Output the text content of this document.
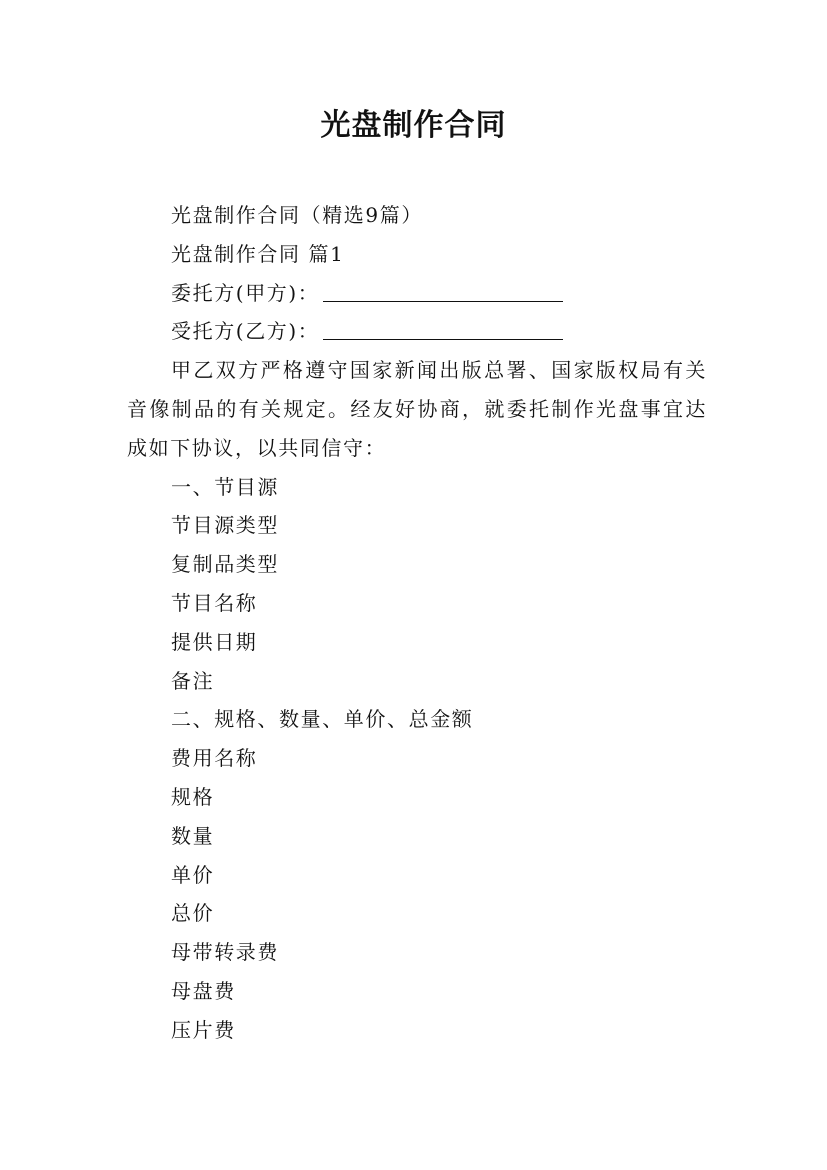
光盘制作合同
光盘制作合同（精选9篇）
光盘制作合同 篇1
委托方(甲方)：
受托方(乙方)：
甲乙双方严格遵守国家新闻出版总署、国家版权局有关音像制品的有关规定。经友好协商，就委托制作光盘事宜达成如下协议，以共同信守：
一、节目源
节目源类型
复制品类型
节目名称
提供日期
备注
二、规格、数量、单价、总金额
费用名称
规格
数量
单价
总价
母带转录费
母盘费
压片费
